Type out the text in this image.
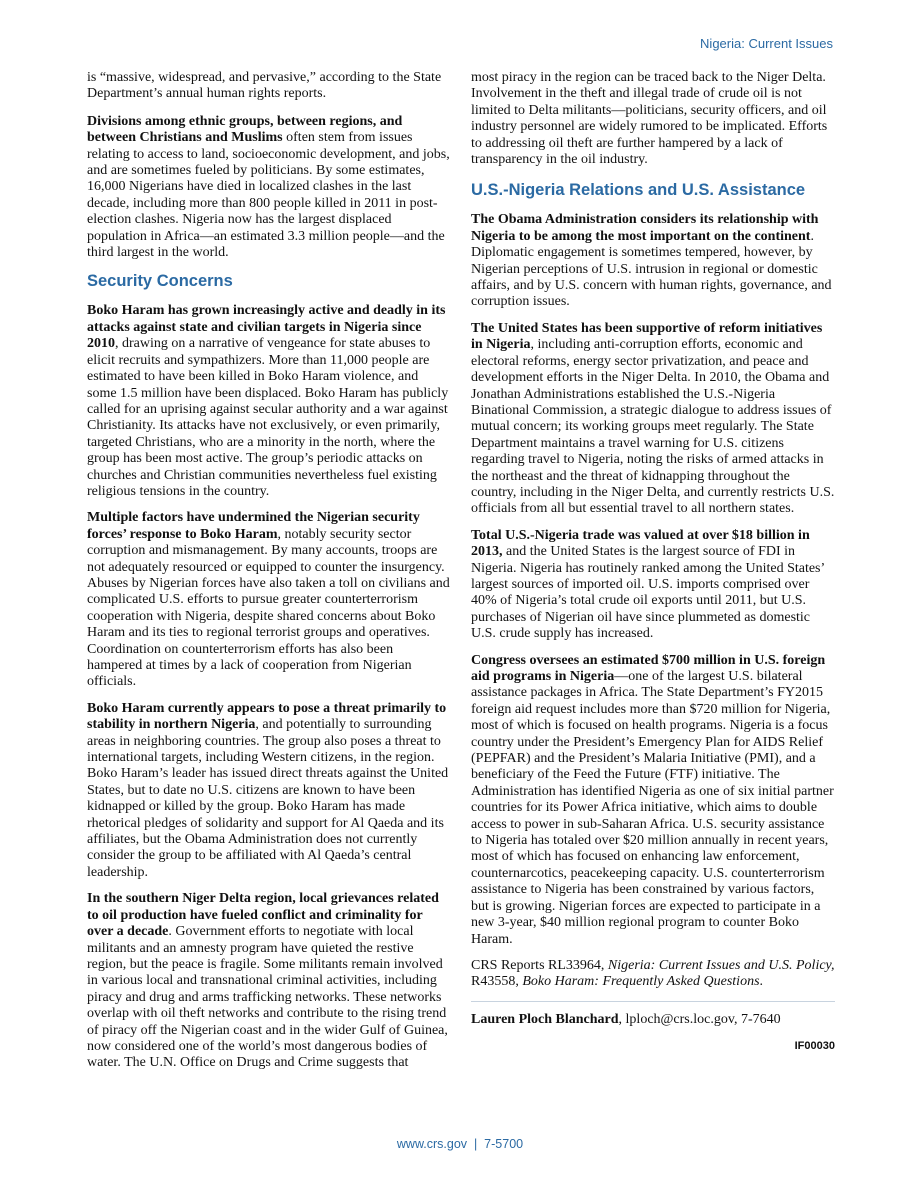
Nigeria: Current Issues

is “massive, widespread, and pervasive,” according to the State Department’s annual human rights reports.

Divisions among ethnic groups, between regions, and between Christians and Muslims often stem from issues relating to access to land, socioeconomic development, and jobs, and are sometimes fueled by politicians. By some estimates, 16,000 Nigerians have died in localized clashes in the last decade, including more than 800 people killed in 2011 in post-election clashes. Nigeria now has the largest displaced population in Africa—an estimated 3.3 million people—and the third largest in the world.

Security Concerns

Boko Haram has grown increasingly active and deadly in its attacks against state and civilian targets in Nigeria since 2010, drawing on a narrative of vengeance for state abuses to elicit recruits and sympathizers. More than 11,000 people are estimated to have been killed in Boko Haram violence, and some 1.5 million have been displaced. Boko Haram has publicly called for an uprising against secular authority and a war against Christianity. Its attacks have not exclusively, or even primarily, targeted Christians, who are a minority in the north, where the group has been most active. The group’s periodic attacks on churches and Christian communities nevertheless fuel existing religious tensions in the country.

Multiple factors have undermined the Nigerian security forces’ response to Boko Haram, notably security sector corruption and mismanagement. By many accounts, troops are not adequately resourced or equipped to counter the insurgency. Abuses by Nigerian forces have also taken a toll on civilians and complicated U.S. efforts to pursue greater counterterrorism cooperation with Nigeria, despite shared concerns about Boko Haram and its ties to regional terrorist groups and operatives. Coordination on counterterrorism efforts has also been hampered at times by a lack of cooperation from Nigerian officials.

Boko Haram currently appears to pose a threat primarily to stability in northern Nigeria, and potentially to surrounding areas in neighboring countries. The group also poses a threat to international targets, including Western citizens, in the region. Boko Haram’s leader has issued direct threats against the United States, but to date no U.S. citizens are known to have been kidnapped or killed by the group. Boko Haram has made rhetorical pledges of solidarity and support for Al Qaeda and its affiliates, but the Obama Administration does not currently consider the group to be affiliated with Al Qaeda’s central leadership.

In the southern Niger Delta region, local grievances related to oil production have fueled conflict and criminality for over a decade. Government efforts to negotiate with local militants and an amnesty program have quieted the restive region, but the peace is fragile. Some militants remain involved in various local and transnational criminal activities, including piracy and drug and arms trafficking networks. These networks overlap with oil theft networks and contribute to the rising trend of piracy off the Nigerian coast and in the wider Gulf of Guinea, now considered one of the world’s most dangerous bodies of water. The U.N. Office on Drugs and Crime suggests that

most piracy in the region can be traced back to the Niger Delta. Involvement in the theft and illegal trade of crude oil is not limited to Delta militants—politicians, security officers, and oil industry personnel are widely rumored to be implicated. Efforts to addressing oil theft are further hampered by a lack of transparency in the oil industry.

U.S.-Nigeria Relations and U.S. Assistance

The Obama Administration considers its relationship with Nigeria to be among the most important on the continent. Diplomatic engagement is sometimes tempered, however, by Nigerian perceptions of U.S. intrusion in regional or domestic affairs, and by U.S. concern with human rights, governance, and corruption issues.

The United States has been supportive of reform initiatives in Nigeria, including anti-corruption efforts, economic and electoral reforms, energy sector privatization, and peace and development efforts in the Niger Delta. In 2010, the Obama and Jonathan Administrations established the U.S.-Nigeria Binational Commission, a strategic dialogue to address issues of mutual concern; its working groups meet regularly. The State Department maintains a travel warning for U.S. citizens regarding travel to Nigeria, noting the risks of armed attacks in the northeast and the threat of kidnapping throughout the country, including in the Niger Delta, and currently restricts U.S. officials from all but essential travel to all northern states.

Total U.S.-Nigeria trade was valued at over $18 billion in 2013, and the United States is the largest source of FDI in Nigeria. Nigeria has routinely ranked among the United States’ largest sources of imported oil. U.S. imports comprised over 40% of Nigeria’s total crude oil exports until 2011, but U.S. purchases of Nigerian oil have since plummeted as domestic U.S. crude supply has increased.

Congress oversees an estimated $700 million in U.S. foreign aid programs in Nigeria—one of the largest U.S. bilateral assistance packages in Africa. The State Department’s FY2015 foreign aid request includes more than $720 million for Nigeria, most of which is focused on health programs. Nigeria is a focus country under the President’s Emergency Plan for AIDS Relief (PEPFAR) and the President’s Malaria Initiative (PMI), and a beneficiary of the Feed the Future (FTF) initiative. The Administration has identified Nigeria as one of six initial partner countries for its Power Africa initiative, which aims to double access to power in sub-Saharan Africa. U.S. security assistance to Nigeria has totaled over $20 million annually in recent years, most of which has focused on enhancing law enforcement, counternarcotics, peacekeeping capacity. U.S. counterterrorism assistance to Nigeria has been constrained by various factors, but is growing. Nigerian forces are expected to participate in a new 3-year, $40 million regional program to counter Boko Haram.

CRS Reports RL33964, Nigeria: Current Issues and U.S. Policy, R43558, Boko Haram: Frequently Asked Questions.

Lauren Ploch Blanchard, lploch@crs.loc.gov, 7-7640

IF00030
www.crs.gov  |  7-5700
